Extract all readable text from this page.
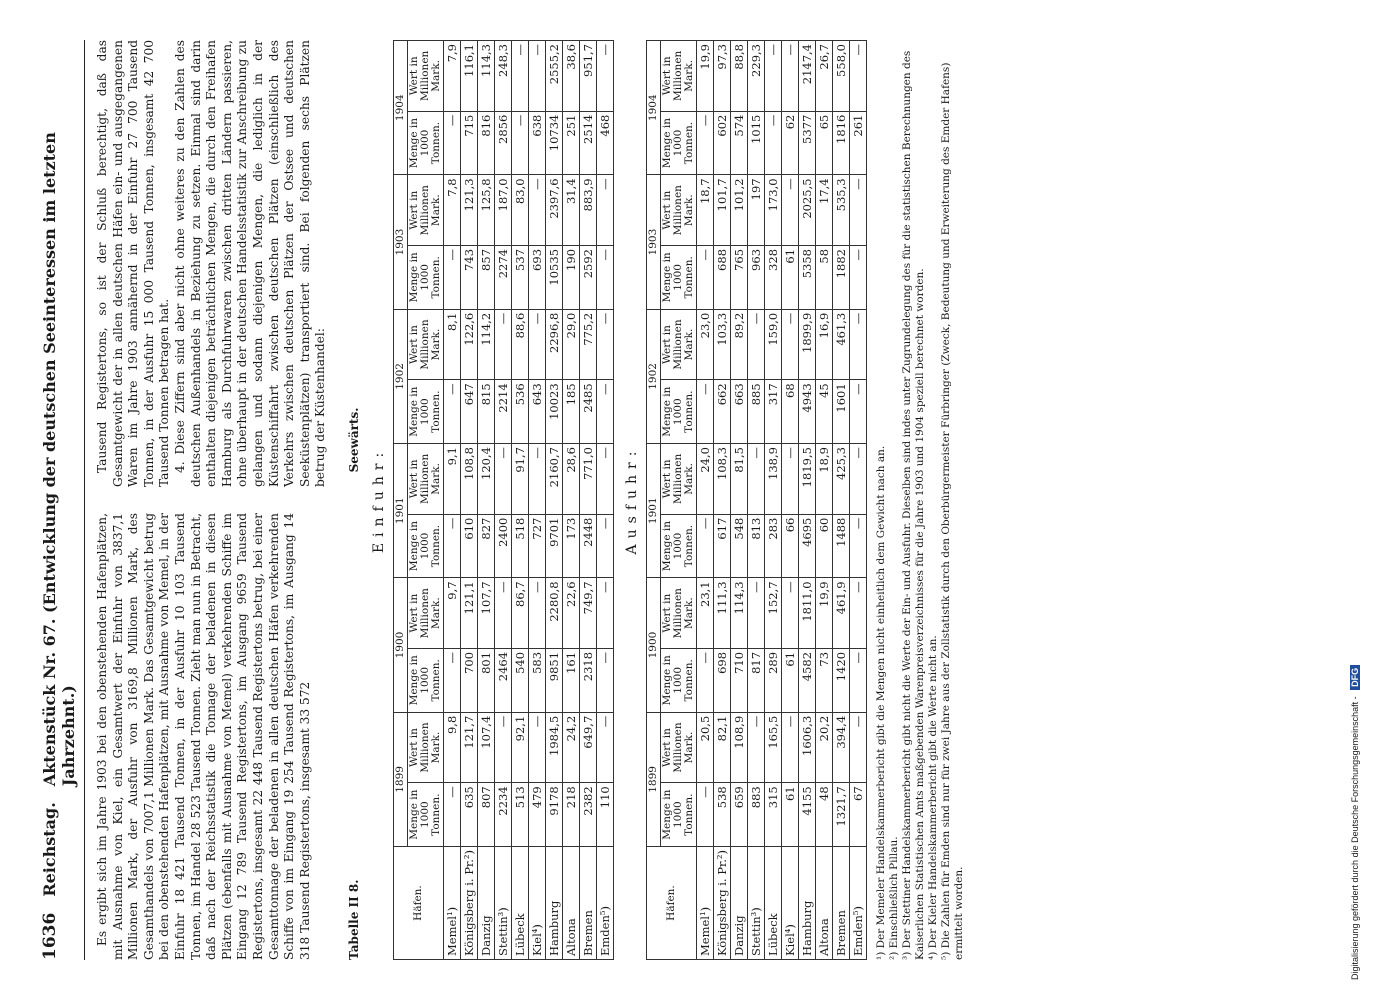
1636
Reichstag.
Aktenstück Nr. 67. (Entwicklung der deutschen Seeinteressen im letzten Jahrzehnt.) Es ergibt sich im Jahre 1903 bei den obenstehenden Hafenplätzen, mit Ausnahme von Kiel, ein Gesamtwert der Einfuhr von 3837,1 Millionen Mark, der Ausfuhr von 3169,8 Millionen Mark, des Gesamthandels von 7007,1 Millionen Mark. Das Gesamtgewicht betrug bei den obenstehenden Hafenplätzen, mit Ausnahme von Memel, in der Einfuhr 18 421 Tausend Tonnen, in der Ausfuhr 10 103 Tausend Tonnen, im Handel 28 523 Tausend Tonnen. Zieht man nun in Betracht, daß nach der Reichsstatistik die Tonnage der beladenen in diesen Plätzen (ebenfalls mit Ausnahme von Memel) verkehrenden Schiffe im Eingang 12 789 Tausend Registertons, im Ausgang 9659 Tausend Registertons, insgesamt 22 448 Tausend Registertons betrug, bei einer Gesamttonnage der beladenen in allen deutschen Häfen verkehrenden Schiffe von im Eingang 19 254 Tausend Registertons, im Ausgang 14 318 Tausend Registertons, insgesamt 33 572

Tausend Registertons, so ist der Schluß berechtigt, daß das Gesamtgewicht der in allen deutschen Häfen ein- und ausgegangenen Waren im Jahre 1903 annähernd in der Einfuhr 27 700 Tausend Tonnen, in der Ausfuhr 15 000 Tausend Tonnen, insgesamt 42 700 Tausend Tonnen betragen hat. 4. Diese Ziffern sind aber nicht ohne weiteres zu den Zahlen des deutschen Außenhandels in Beziehung zu setzen. Einmal sind darin enthalten diejenigen beträchtlichen Mengen, die durch den Freihafen Hamburg als Durchfuhrwaren zwischen dritten Ländern passieren, ohne überhaupt in der deutschen Handelsstatistik zur Anschreibung zu gelangen und sodann diejenigen Mengen, die lediglich in der Küstenschiffahrt zwischen deutschen Plätzen (einschließlich des Verkehrs zwischen deutschen Plätzen der Ostsee und deutschen Seeküstenplätzen) transportiert sind. Bei folgenden sechs Plätzen betrug der Küstenhandel:

Tabelle II 8.
Seewärts.
Einfuhr:
Häfen.	1899		1900		1901		1902		1903		1904	
	Menge in 1000 Tonnen.	Wert in Millionen Mark.	Menge in 1000 Tonnen.	Wert in Millionen Mark.	Menge in 1000 Tonnen.	Wert in Millionen Mark.	Menge in 1000 Tonnen.	Wert in Millionen Mark.	Menge in 1000 Tonnen.	Wert in Millionen Mark.	Menge in 1000 Tonnen.	Wert in Millionen Mark.
Memel¹)	—	9,8	—	9,7	—	9,1	—	8,1	—	7,8	—	7,9
Königsberg i. Pr.²)	635	121,7	700	121,1	610	108,8	647	122,6	743	121,3	715	116,1
Danzig	807	107,4	801	107,7	827	120,4	815	114,2	857	125,8	816	114,3
Stettin³)	2234	—	2464	—	2400	—	2214	—	2274	187,0	2856	248,3
Lübeck	513	92,1	540	86,7	518	91,7	536	88,6	537	83,0	—	—
Kiel⁴)	479	—	583	—	727	—	643	—	693	—	638	—
Hamburg	9178	1984,5	9851	2280,8	9701	2160,7	10023	2296,8	10535	2397,6	10734	2555,2
Altona	218	24,2	161	22,6	173	28,6	185	29,0	190	31,4	251	38,6
Bremen	2382	649,7	2318	749,7	2448	771,0	2485	775,2	2592	883,9	2514	951,7
Emden⁵)	110	—	—	—	—	—	—	—	—	—	468	—
Ausfuhr:
Häfen.	1899		1900		1901		1902		1903		1904	
	Menge in 1000 Tonnen.	Wert in Millionen Mark.	Menge in 1000 Tonnen.	Wert in Millionen Mark.	Menge in 1000 Tonnen.	Wert in Millionen Mark.	Menge in 1000 Tonnen.	Wert in Millionen Mark.	Menge in 1000 Tonnen.	Wert in Millionen Mark.	Menge in 1000 Tonnen.	Wert in Millionen Mark.
Memel¹)	—	20,5	—	23,1	—	24,0	—	23,0	—	18,7	—	19,9
Königsberg i. Pr.²)	538	82,1	698	111,3	617	108,3	662	103,3	688	101,7	602	97,3
Danzig	659	108,9	710	114,3	548	81,5	663	89,2	765	101,2	574	88,8
Stettin³)	883	—	817	—	813	—	885	—	963	197	1015	229,3
Lübeck	315	165,5	289	152,7	283	138,9	317	159,0	328	173,0	—	—
Kiel⁴)	61	—	61	—	66	—	68	—	61	—	62	—
Hamburg	4155	1606,3	4582	1811,0	4695	1819,5	4943	1899,9	5358	2025,5	5377	2147,4
Altona	48	20,2	73	19,9	60	18,9	45	16,9	58	17,4	65	26,7
Bremen	1321,7	394,4	1420	461,9	1488	425,3	1601	461,3	1882	535,3	1816	558,0
Emden⁵)	67	—	—	—	—	—	—	—	—	—	261	—

¹) Der Memeler Handelskammerbericht gibt die Mengen nicht einheitlich dem Gewicht nach an. ²) Einschließlich Pillau. ³) Der Stettiner Handelskammerbericht gibt nicht die Werte der Ein- und Ausfuhr. Dieselben sind indes unter Zugrundelegung des für die statistischen Berechnungen des Kaiserlichen Statistischen Amts maßgebenden Warenpreisverzeichnisses für die Jahre 1903 und 1904 speziell berechnet worden. ⁴) Der Kieler Handelskammerbericht gibt die Werte nicht an. ⁵) Die Zahlen für Emden sind nur für zwei Jahre aus der Zollstatistik durch den Oberbürgermeister Fürbringer (Zweck, Bedeutung und Erweiterung des Emder Hafens) ermittelt worden.	Digitalisierung gefördert durch die Deutsche Forschungsgemeinschaft - DFG
